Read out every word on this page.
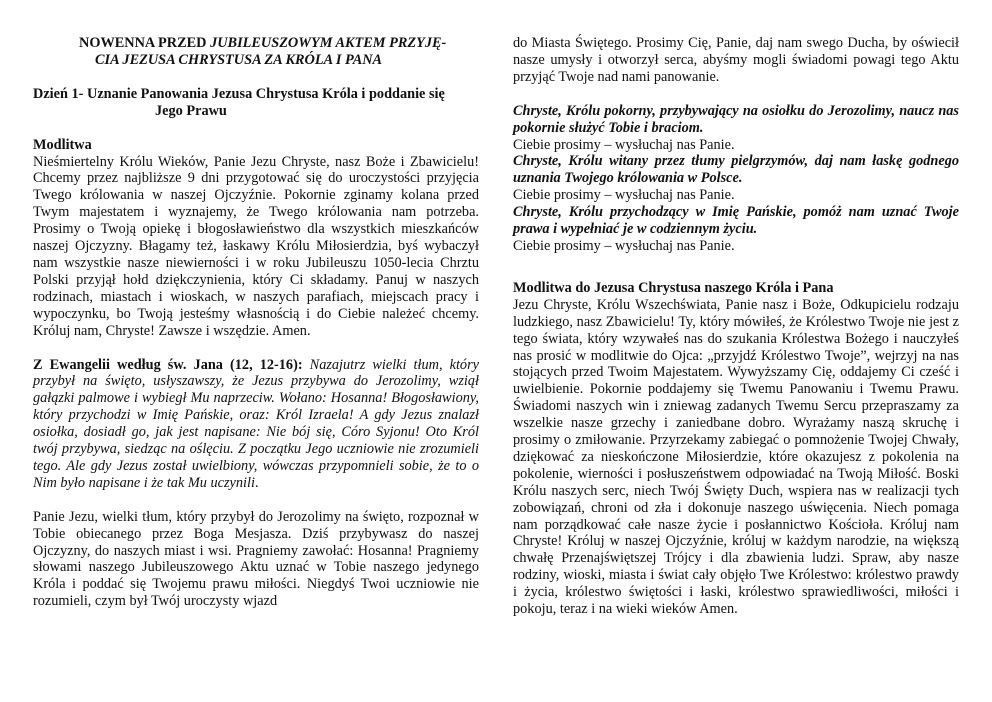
NOWENNA PRZED JUBILEUSZOWYM AKTEM PRZYJĘ-
CIA JEZUSA CHRYSTUSA ZA KRÓLA I PANA

Dzień 1- Uznanie Panowania Jezusa Chrystusa Króla i poddanie się
Jego Prawu

Modlitwa

Nieśmiertelny Królu Wieków, Panie Jezu Chryste, nasz Boże i Zbawicielu! Chcemy przez najbliższe 9 dni przygotować się do uroczystości przyjęcia Twego królowania w naszej Ojczyźnie. Pokornie zginamy kolana przed Twym majestatem i wyznajemy, że Twego królowania nam potrzeba. Prosimy o Twoją opiekę i błogosławieństwo dla wszystkich mieszkańców naszej Ojczyzny. Błagamy też, łaskawy Królu Miłosierdzia, byś wybaczył nam wszystkie nasze niewierności i w roku Jubileuszu 1050-lecia Chrztu Polski przyjął hołd dziękczynienia, który Ci składamy. Panuj w naszych rodzinach, miastach i wioskach, w naszych parafiach, miejscach pracy i wypoczynku, bo Twoją jesteśmy własnością i do Ciebie należeć chcemy. Króluj nam, Chryste! Zawsze i wszędzie. Amen.

Z Ewangelii według św. Jana (12, 12-16): Nazajutrz wielki tłum, który przybył na święto, usłyszawszy, że Jezus przybywa do Jerozolimy, wziął gałązki palmowe i wybiegł Mu naprzeciw. Wołano: Hosanna! Błogosławiony, który przychodzi w Imię Pańskie, oraz: Król Izraela! A gdy Jezus znalazł osiołka, dosiadł go, jak jest napisane: Nie bój się, Córo Syjonu! Oto Król twój przybywa, siedząc na oślęciu. Z początku Jego uczniowie nie zrozumieli tego. Ale gdy Jezus został uwielbiony, wówczas przypomnieli sobie, że to o Nim było napisane i że tak Mu uczynili.

Panie Jezu, wielki tłum, który przybył do Jerozolimy na święto, rozpoznał w Tobie obiecanego przez Boga Mesjasza. Dziś przybywasz do naszej Ojczyzny, do naszych miast i wsi. Pragniemy zawołać: Hosanna! Pragniemy słowami naszego Jubileuszowego Aktu uznać w Tobie naszego jedynego Króla i poddać się Twojemu prawu miłości. Niegdyś Twoi uczniowie nie rozumieli, czym był Twój uroczysty wjazd

do Miasta Świętego. Prosimy Cię, Panie, daj nam swego Ducha, by oświecił nasze umysły i otworzył serca, abyśmy mogli świadomi powagi tego Aktu przyjąć Twoje nad nami panowanie.

Chryste, Królu pokorny, przybywający na osiołku do Jerozolimy, naucz nas pokornie służyć Tobie i braciom.

Ciebie prosimy – wysłuchaj nas Panie.

Chryste, Królu witany przez tłumy pielgrzymów, daj nam łaskę godnego uznania Twojego królowania w Polsce.

Ciebie prosimy – wysłuchaj nas Panie.

Chryste, Królu przychodzący w Imię Pańskie, pomóż nam uznać Twoje prawa i wypełniać je w codziennym życiu.

Ciebie prosimy – wysłuchaj nas Panie.

Modlitwa do Jezusa Chrystusa naszego Króla i Pana

Jezu Chryste, Królu Wszechświata, Panie nasz i Boże, Odkupicielu rodzaju ludzkiego, nasz Zbawicielu! Ty, który mówiłeś, że Królestwo Twoje nie jest z tego świata, który wzywałeś nas do szukania Królestwa Bożego i nauczyłeś nas prosić w modlitwie do Ojca: „przyjdź Królestwo Twoje”, wejrzyj na nas stojących przed Twoim Majestatem. Wywyższamy Cię, oddajemy Ci cześć i uwielbienie. Pokornie poddajemy się Twemu Panowaniu i Twemu Prawu. Świadomi naszych win i zniewag zadanych Twemu Sercu przepraszamy za wszelkie nasze grzechy i zaniedbane dobro. Wyrażamy naszą skruchę i prosimy o zmiłowanie. Przyrzekamy zabiegać o pomnożenie Twojej Chwały, dziękować za nieskończone Miłosierdzie, które okazujesz z pokolenia na pokolenie, wierności i posłuszeństwem odpowiadać na Twoją Miłość. Boski Królu naszych serc, niech Twój Święty Duch, wspiera nas w realizacji tych zobowiązań, chroni od zła i dokonuje naszego uświęcenia. Niech pomaga nam porządkować całe nasze życie i posłannictwo Kościoła. Króluj nam Chryste! Króluj w naszej Ojczyźnie, króluj w każdym narodzie, na większą chwałę Przenajświętszej Trójcy i dla zbawienia ludzi. Spraw, aby nasze rodziny, wioski, miasta i świat cały objęło Twe Królestwo: królestwo prawdy i życia, królestwo świętości i łaski, królestwo sprawiedliwości, miłości i pokoju, teraz i na wieki wieków Amen.
